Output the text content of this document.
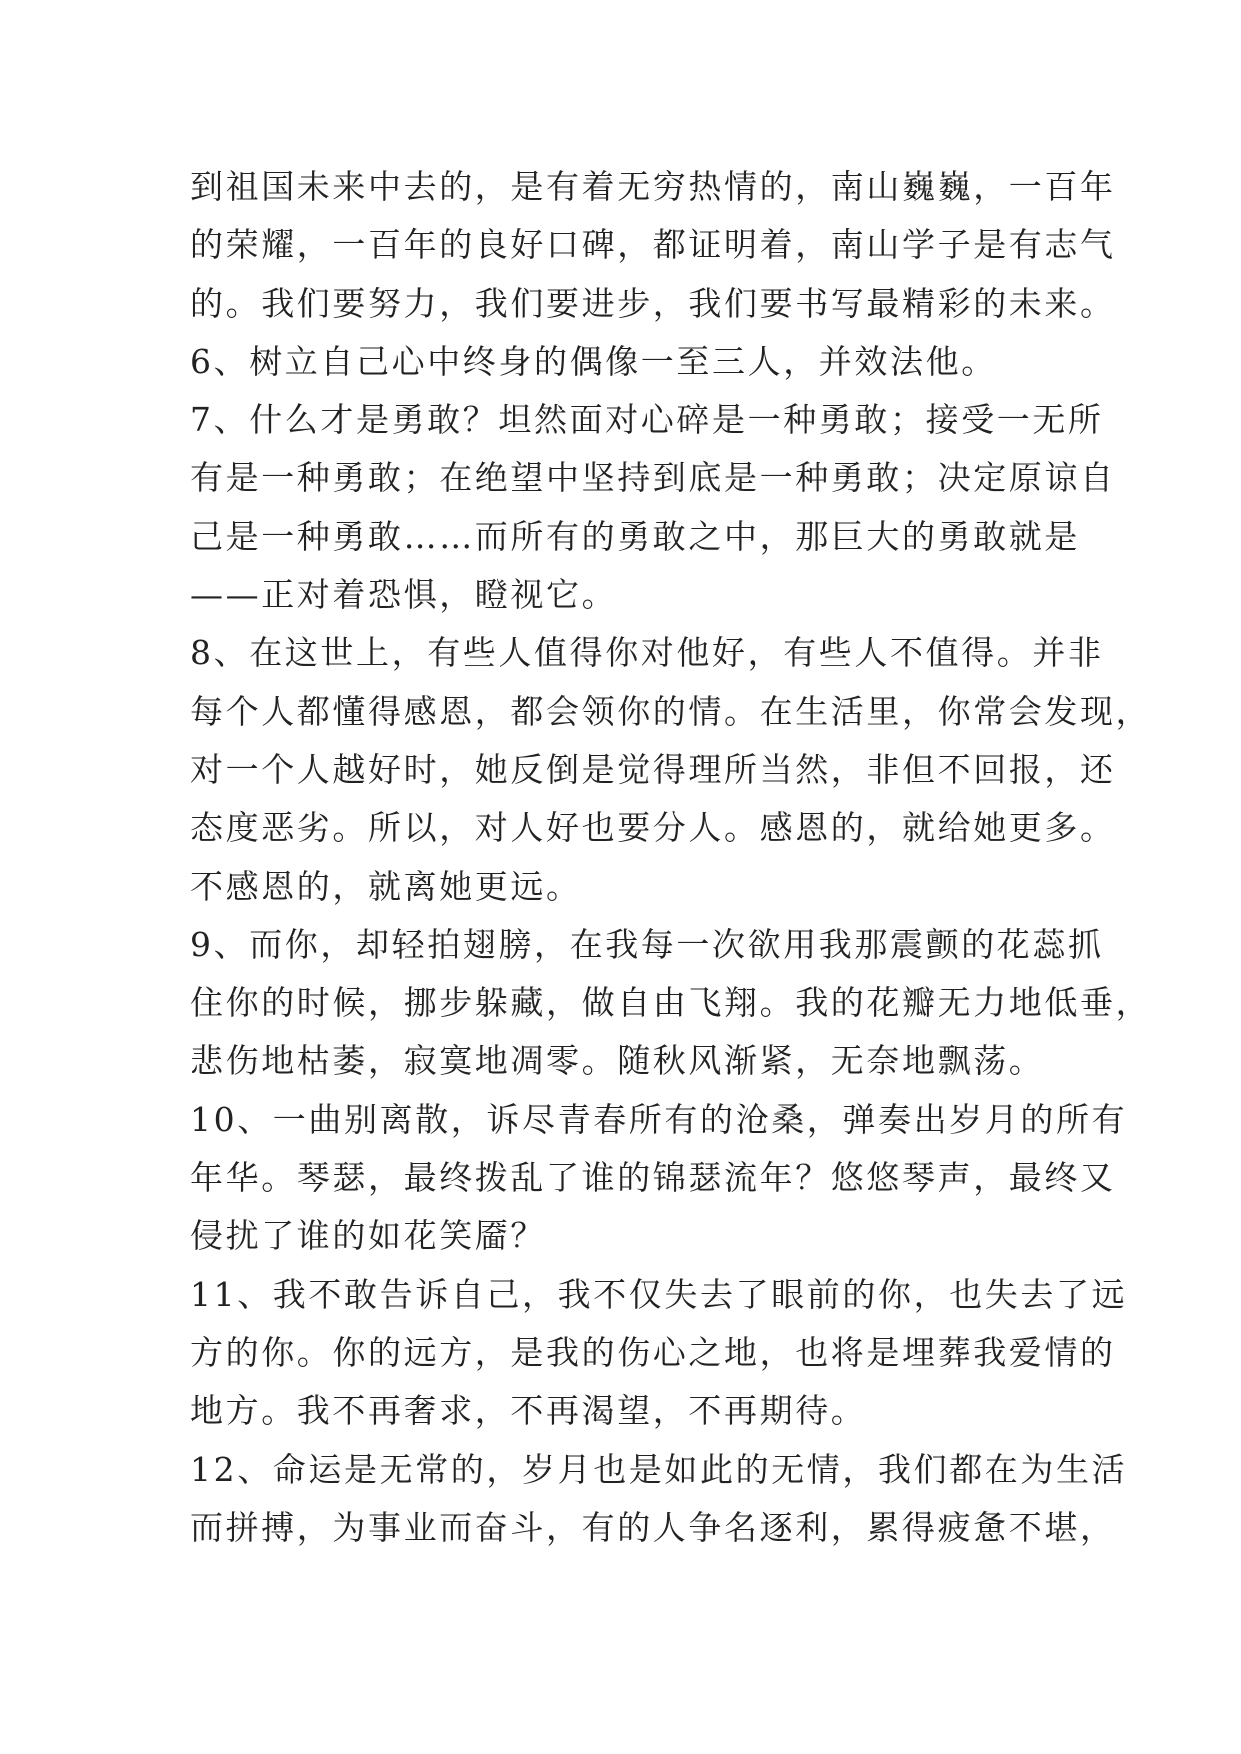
到祖国未来中去的，是有着无穷热情的，南山巍巍，一百年
的荣耀，一百年的良好口碑，都证明着，南山学子是有志气
的。我们要努力，我们要进步，我们要书写最精彩的未来。
6、树立自己心中终身的偶像一至三人，并效法他。
7、什么才是勇敢？坦然面对心碎是一种勇敢；接受一无所
有是一种勇敢；在绝望中坚持到底是一种勇敢；决定原谅自
己是一种勇敢……而所有的勇敢之中，那巨大的勇敢就是
——正对着恐惧，瞪视它。
8、在这世上，有些人值得你对他好，有些人不值得。并非
每个人都懂得感恩，都会领你的情。在生活里，你常会发现，
对一个人越好时，她反倒是觉得理所当然，非但不回报，还
态度恶劣。所以，对人好也要分人。感恩的，就给她更多。
不感恩的，就离她更远。
9、而你，却轻拍翅膀，在我每一次欲用我那震颤的花蕊抓
住你的时候，挪步躲藏，做自由飞翔。我的花瓣无力地低垂，
悲伤地枯萎，寂寞地凋零。随秋风渐紧，无奈地飘荡。
10、一曲别离散，诉尽青春所有的沧桑，弹奏出岁月的所有
年华。琴瑟，最终拨乱了谁的锦瑟流年？悠悠琴声，最终又
侵扰了谁的如花笑靥？
11、我不敢告诉自己，我不仅失去了眼前的你，也失去了远
方的你。你的远方，是我的伤心之地，也将是埋葬我爱情的
地方。我不再奢求，不再渴望，不再期待。
12、命运是无常的，岁月也是如此的无情，我们都在为生活
而拼搏，为事业而奋斗，有的人争名逐利，累得疲惫不堪，
